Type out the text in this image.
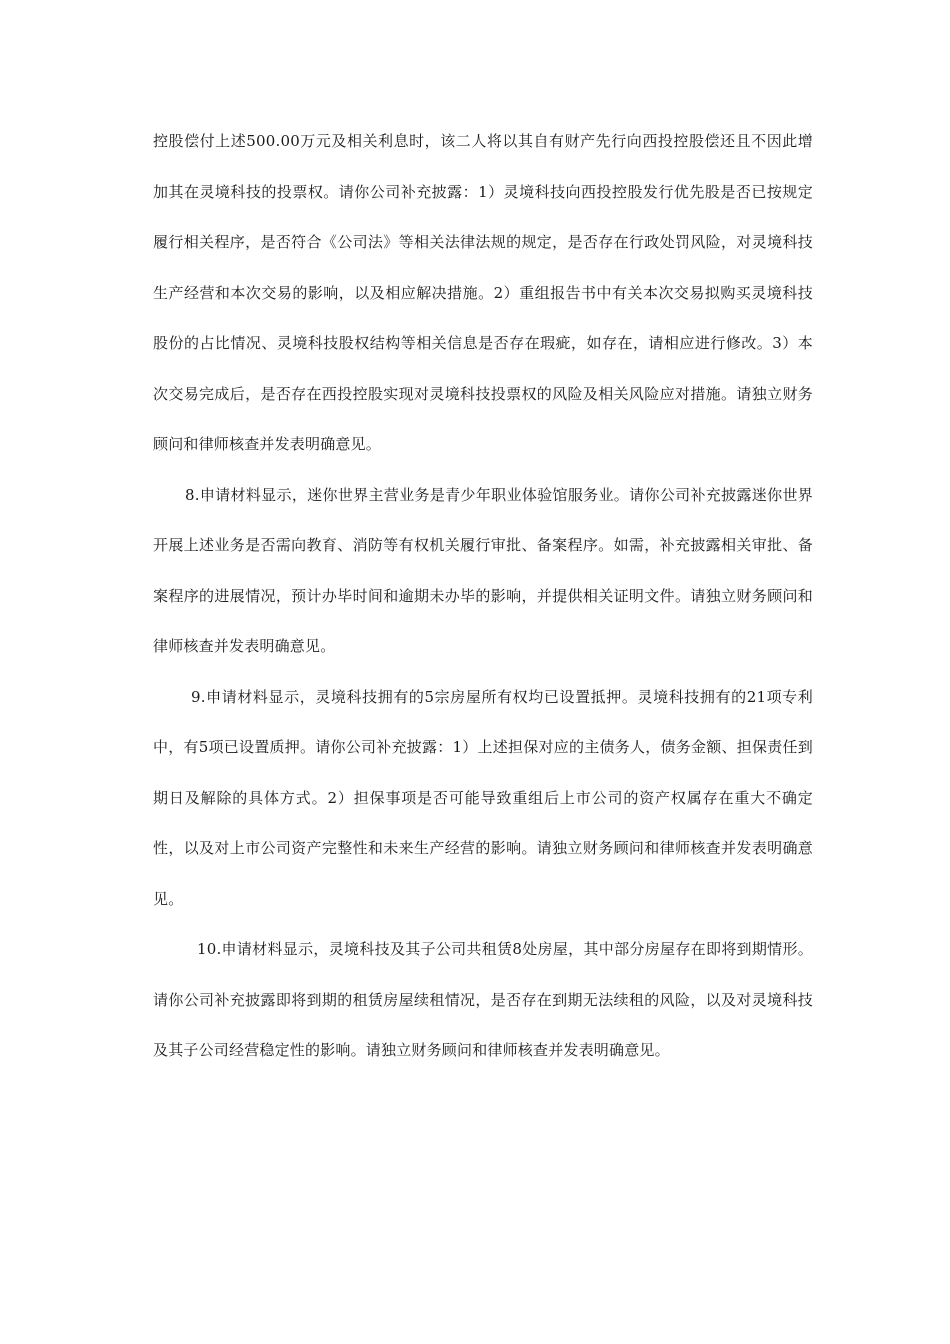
控股偿付上述500.00万元及相关利息时，该二人将以其自有财产先行向西投控股偿还且不因此增加其在灵境科技的投票权。请你公司补充披露：1）灵境科技向西投控股发行优先股是否已按规定履行相关程序，是否符合《公司法》等相关法律法规的规定，是否存在行政处罚风险，对灵境科技生产经营和本次交易的影响，以及相应解决措施。2）重组报告书中有关本次交易拟购买灵境科技股份的占比情况、灵境科技股权结构等相关信息是否存在瑕疵，如存在，请相应进行修改。3）本次交易完成后，是否存在西投控股实现对灵境科技投票权的风险及相关风险应对措施。请独立财务顾问和律师核查并发表明确意见。

8.申请材料显示，迷你世界主营业务是青少年职业体验馆服务业。请你公司补充披露迷你世界开展上述业务是否需向教育、消防等有权机关履行审批、备案程序。如需，补充披露相关审批、备案程序的进展情况，预计办毕时间和逾期未办毕的影响，并提供相关证明文件。请独立财务顾问和律师核查并发表明确意见。

9.申请材料显示，灵境科技拥有的5宗房屋所有权均已设置抵押。灵境科技拥有的21项专利中，有5项已设置质押。请你公司补充披露：1）上述担保对应的主债务人，债务金额、担保责任到期日及解除的具体方式。2）担保事项是否可能导致重组后上市公司的资产权属存在重大不确定性，以及对上市公司资产完整性和未来生产经营的影响。请独立财务顾问和律师核查并发表明确意见。

10.申请材料显示，灵境科技及其子公司共租赁8处房屋，其中部分房屋存在即将到期情形。请你公司补充披露即将到期的租赁房屋续租情况，是否存在到期无法续租的风险，以及对灵境科技及其子公司经营稳定性的影响。请独立财务顾问和律师核查并发表明确意见。
